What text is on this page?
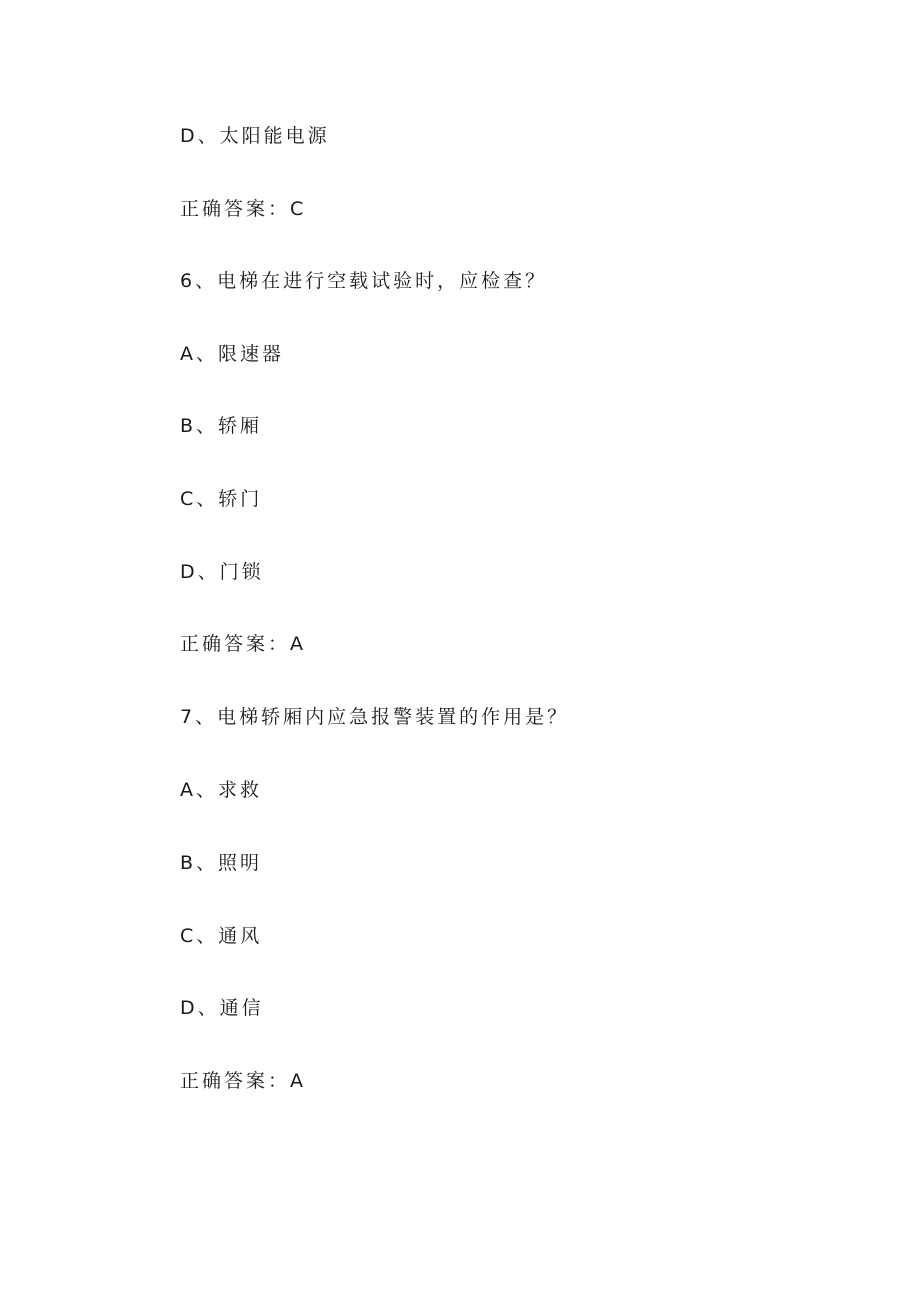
D、太阳能电源
正确答案：C
6、电梯在进行空载试验时，应检查？
A、限速器
B、轿厢
C、轿门
D、门锁
正确答案：A
7、电梯轿厢内应急报警装置的作用是？
A、求救
B、照明
C、通风
D、通信
正确答案：A
